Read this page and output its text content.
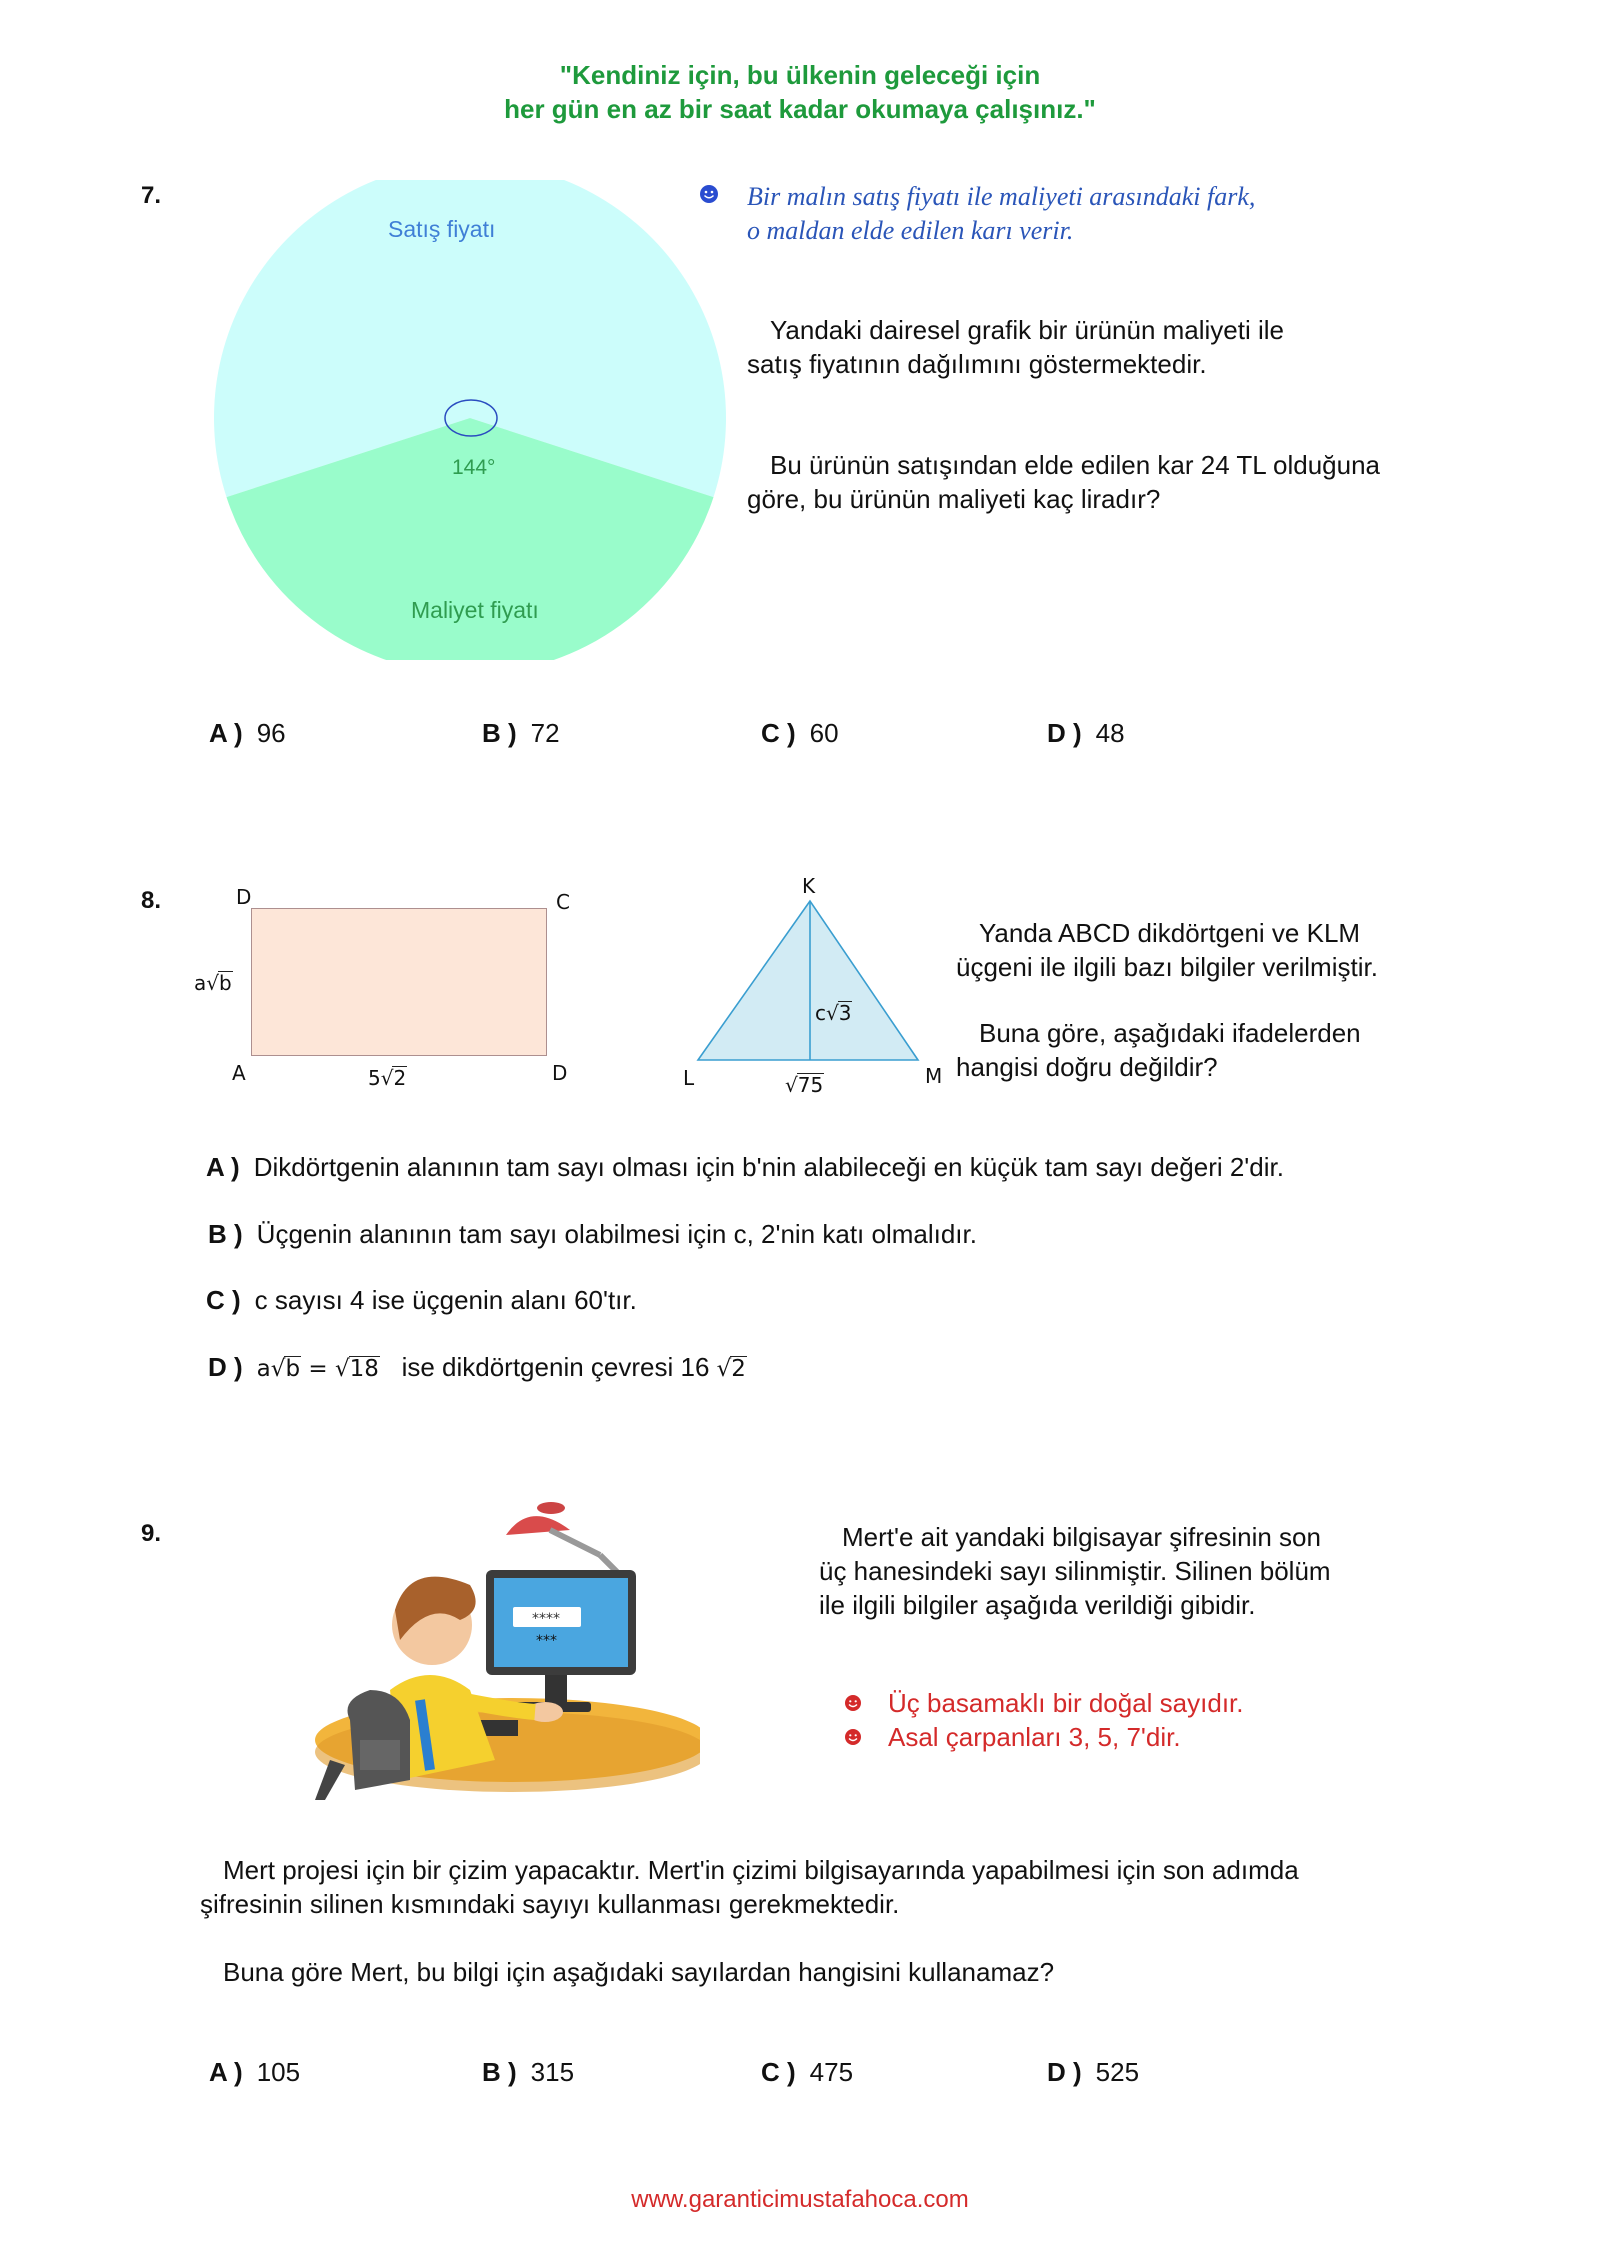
"Kendiniz için, bu ülkenin geleceği için
her gün en az bir saat kadar okumaya çalışınız."
7.
Satış fiyatı
Maliyet fiyatı
144°
Bir malın satış fiyatı ile maliyeti arasındaki fark,
o maldan elde edilen karı verir.
Yandaki dairesel grafik bir ürünün maliyeti ile
satış fiyatının dağılımını göstermektedir.
Bu ürünün satışından elde edilen kar 24 TL olduğuna
göre, bu ürünün maliyeti kaç liradır?
A ) 96	B ) 72	C ) 60	D ) 48
8.	D	C
A	D
a√b
5√2
K
L	M
c√3
√75
Yanda ABCD dikdörtgeni ve KLM
üçgeni ile ilgili bazı bilgiler verilmiştir.
Buna göre, aşağıdaki ifadelerden
hangisi doğru değildir?
A ) Dikdörtgenin alanının tam sayı olması için b'nin alabileceği en küçük tam sayı değeri 2'dir.
B ) Üçgenin alanının tam sayı olabilmesi için c, 2'nin katı olmalıdır.
C ) c sayısı 4 ise üçgenin alanı 60'tır.
D ) a√b = √18 ise dikdörtgenin çevresi 16 √2
9.
****
***
Mert'e ait yandaki bilgisayar şifresinin son
üç hanesindeki sayı silinmiştir. Silinen bölüm
ile ilgili bilgiler aşağıda verildiği gibidir.
Üç basamaklı bir doğal sayıdır.
Asal çarpanları 3, 5, 7'dir.
Mert projesi için bir çizim yapacaktır. Mert'in çizimi bilgisayarında yapabilmesi için son adımda
şifresinin silinen kısmındaki sayıyı kullanması gerekmektedir.
Buna göre Mert, bu bilgi için aşağıdaki sayılardan hangisini kullanamaz?
A ) 105	B ) 315	C ) 475	D ) 525
www.garanticimustafahoca.com
